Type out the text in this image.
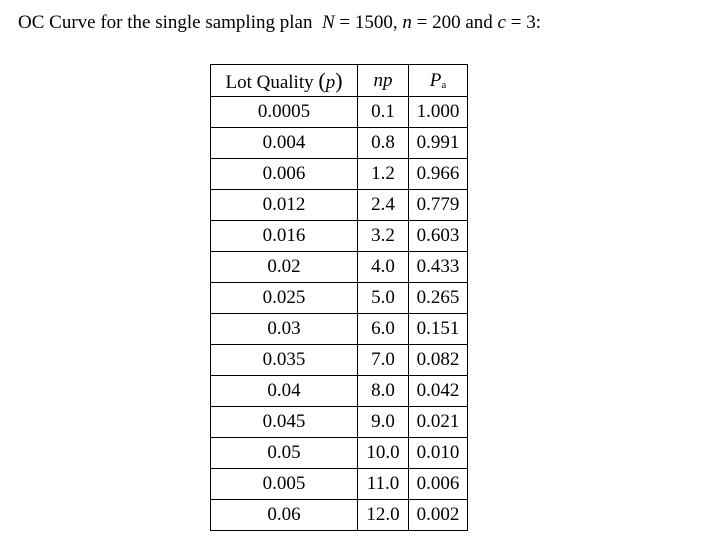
OC Curve for the single sampling plan N = 1500, n = 200 and c = 3:
Lot Quality (p)	np	$P_a$
0.0005	0.1	1.000
0.004	0.8	0.991
0.006	1.2	0.966
0.012	2.4	0.779
0.016	3.2	0.603
0.02	4.0	0.433
0.025	5.0	0.265
0.03	6.0	0.151
0.035	7.0	0.082
0.04	8.0	0.042
0.045	9.0	0.021
0.05	10.0	0.010
0.005	11.0	0.006
0.06	12.0	0.002
